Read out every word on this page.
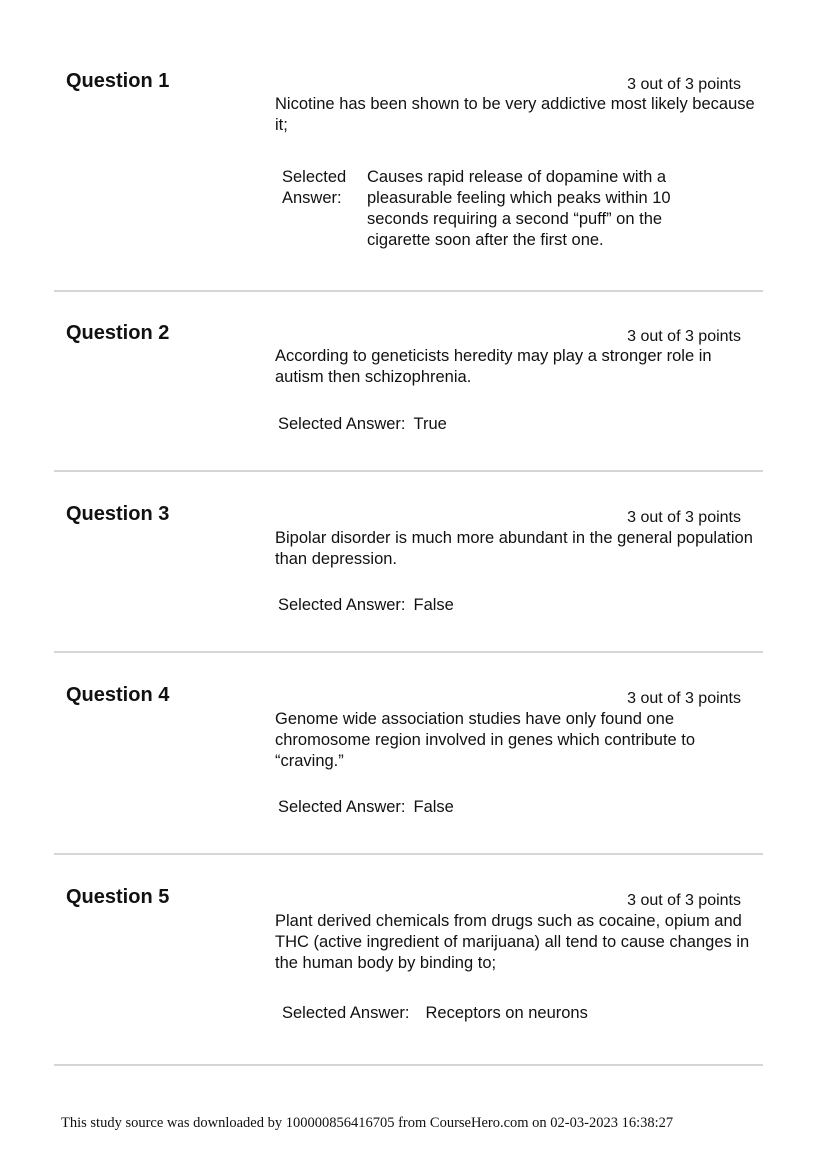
Question 1	3 out of 3 points
Nicotine has been shown to be very addictive most likely because it;
Selected
Answer:
Causes rapid release of dopamine with a pleasurable feeling which peaks within 10 seconds requiring a second “puff” on the cigarette soon after the first one.
Question 2	3 out of 3 points
According to geneticists heredity may play a stronger role in autism then schizophrenia.
Selected Answer: True
Question 3	3 out of 3 points
Bipolar disorder is much more abundant in the general population than depression.
Selected Answer: False
Question 4	3 out of 3 points
Genome wide association studies have only found one chromosome region involved in genes which contribute to “craving.”
Selected Answer: False
Question 5	3 out of 3 points
Plant derived chemicals from drugs such as cocaine, opium and THC (active ingredient of marijuana) all tend to cause changes in the human body by binding to;
Selected Answer: Receptors on neurons
This study source was downloaded by 100000856416705 from CourseHero.com on 02-03-2023 16:38:27
